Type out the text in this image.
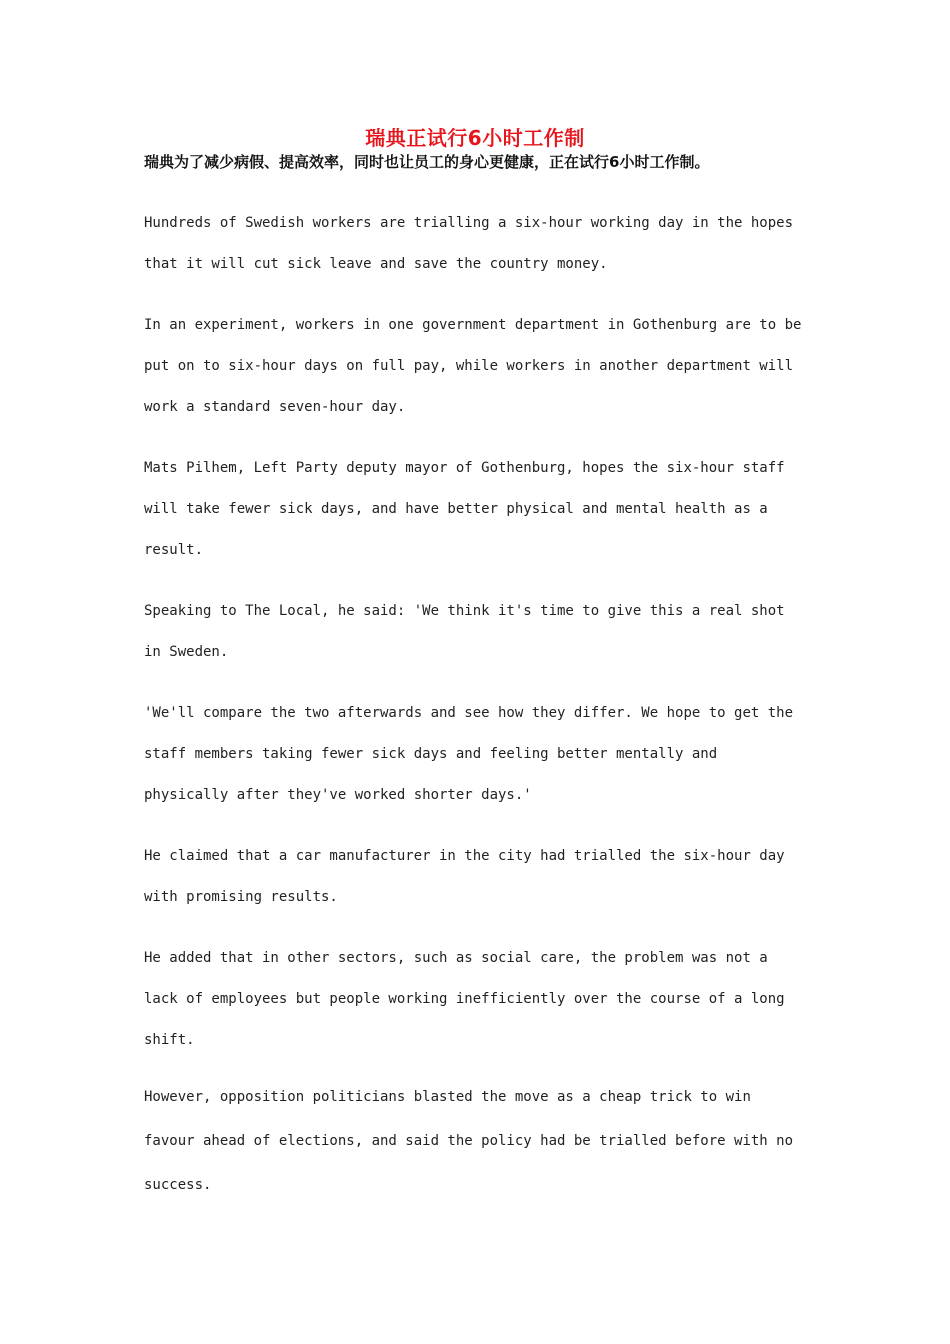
瑞典正试行6小时工作制
瑞典为了减少病假、提高效率，同时也让员工的身心更健康，正在试行6小时工作制。
Hundreds of Swedish workers are trialling a six-hour working day in the hopes
that it will cut sick leave and save the country money.
In an experiment, workers in one government department in Gothenburg are to be
put on to six-hour days on full pay, while workers in another department will
work a standard seven-hour day.
Mats Pilhem, Left Party deputy mayor of Gothenburg, hopes the six-hour staff
will take fewer sick days, and have better physical and mental health as a
result.
Speaking to The Local, he said: 'We think it's time to give this a real shot
in Sweden.
'We'll compare the two afterwards and see how they differ. We hope to get the
staff members taking fewer sick days and feeling better mentally and
physically after they've worked shorter days.'
He claimed that a car manufacturer in the city had trialled the six-hour day
with promising results.
He added that in other sectors, such as social care, the problem was not a
lack of employees but people working inefficiently over the course of a long
shift.
However, opposition politicians blasted the move as a cheap trick to win
favour ahead of elections, and said the policy had be trialled before with no
success.
